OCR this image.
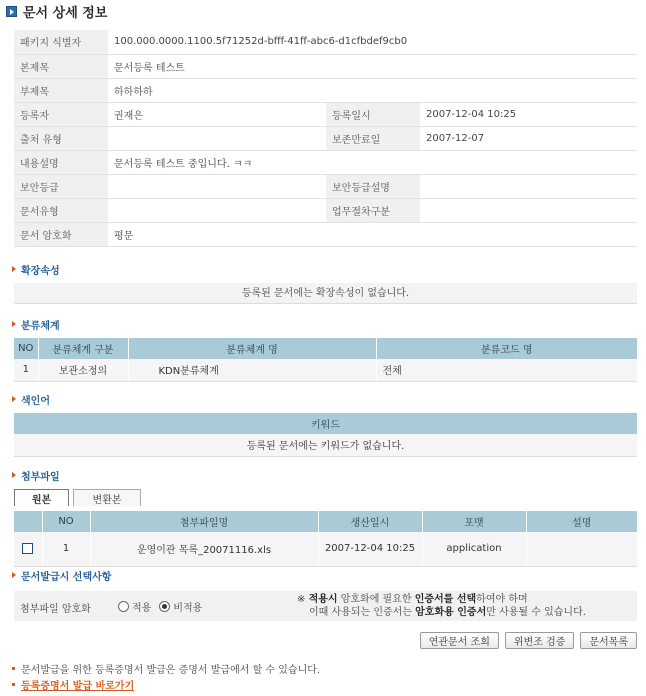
문서 상세 정보
패키지 식별자	100.000.0000.1100.5f71252d-bfff-41ff-abc6-d1cfbdef9cb0		
본제목	문서등록 테스트		
부제목	하하하하		
등록자	권재은	등록일시	2007-12-04 10:25
출처 유형		보존만료일	2007-12-07
내용설명	문서등록 테스트 중입니다. ㅋㅋ		
보안등급		보안등급설명	
문서유형		업무절차구분	
문서 암호화	평문		
확장속성
등록된 문서에는 확장속성이 없습니다.
분류체계
NO	분류체계 구분	분류체계 명	분류코드 명
1	보관소정의	KDN분류체계	전체
색인어
키워드
등록된 문서에는 키워드가 없습니다.
첨부파일
원본	변환본
	NO	첨부파일명	생산일시	포맷	설명
	1	운영이관 목록_20071116.xls	2007-12-04 10:25	application	
문서발급시 선택사항
첨부파일 암호화	적용 비적용
※ 적용시 암호화에 필요한 인증서를 선택하여야 하며
이때 사용되는 인증서는 암호화용 인증서만 사용될 수 있습니다.
연관문서 조회	위변조 검증	문서목록
문서발급을 위한 등록증명서 발급은 증명서 발급에서 할 수 있습니다.
등록증명서 발급 바로가기
